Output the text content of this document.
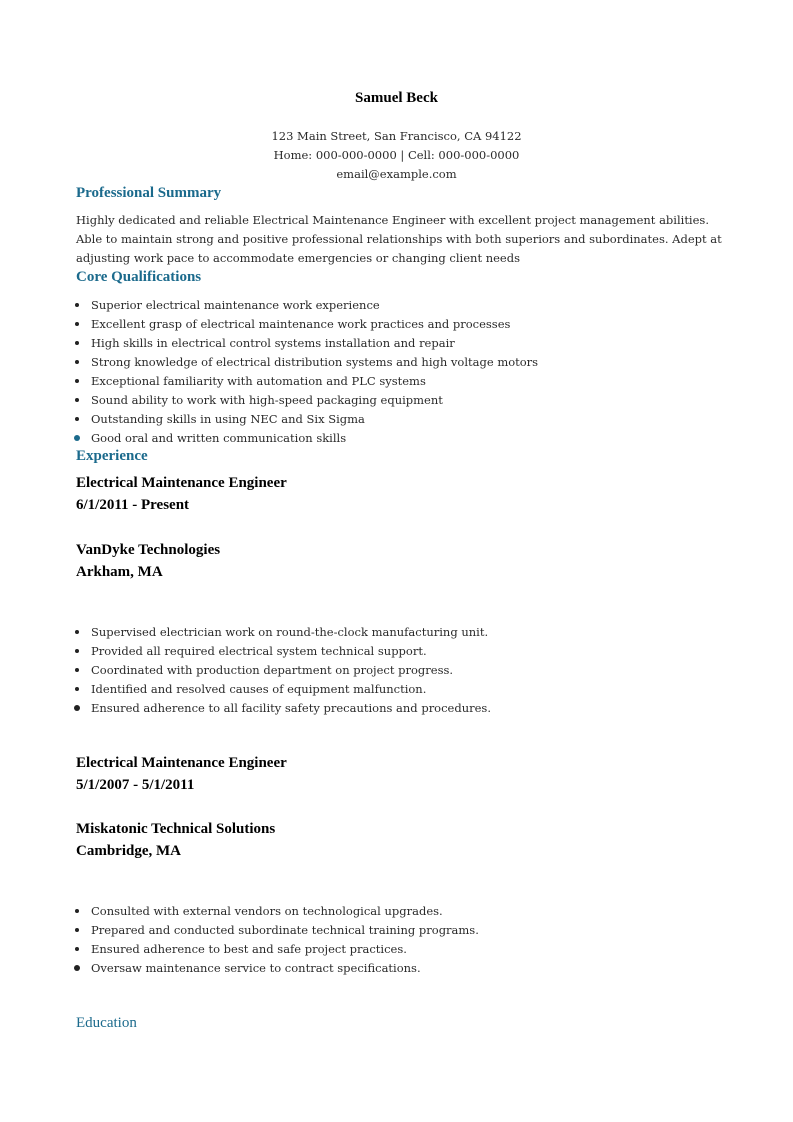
Samuel Beck
123 Main Street, San Francisco, CA 94122
Home: 000-000-0000 | Cell: 000-000-0000
email@example.com
Professional Summary
Highly dedicated and reliable Electrical Maintenance Engineer with excellent project management abilities.
Able to maintain strong and positive professional relationships with both superiors and subordinates. Adept at
adjusting work pace to accommodate emergencies or changing client needs
Core Qualifications
Superior electrical maintenance work experience
Excellent grasp of electrical maintenance work practices and processes
High skills in electrical control systems installation and repair
Strong knowledge of electrical distribution systems and high voltage motors
Exceptional familiarity with automation and PLC systems
Sound ability to work with high-speed packaging equipment
Outstanding skills in using NEC and Six Sigma
Good oral and written communication skills
Experience
Electrical Maintenance Engineer
6/1/2011 - Present
VanDyke Technologies
Arkham, MA
Supervised electrician work on round-the-clock manufacturing unit.
Provided all required electrical system technical support.
Coordinated with production department on project progress.
Identified and resolved causes of equipment malfunction.
Ensured adherence to all facility safety precautions and procedures.
Electrical Maintenance Engineer
5/1/2007 - 5/1/2011
Miskatonic Technical Solutions
Cambridge, MA
Consulted with external vendors on technological upgrades.
Prepared and conducted subordinate technical training programs.
Ensured adherence to best and safe project practices.
Oversaw maintenance service to contract specifications.
Education
